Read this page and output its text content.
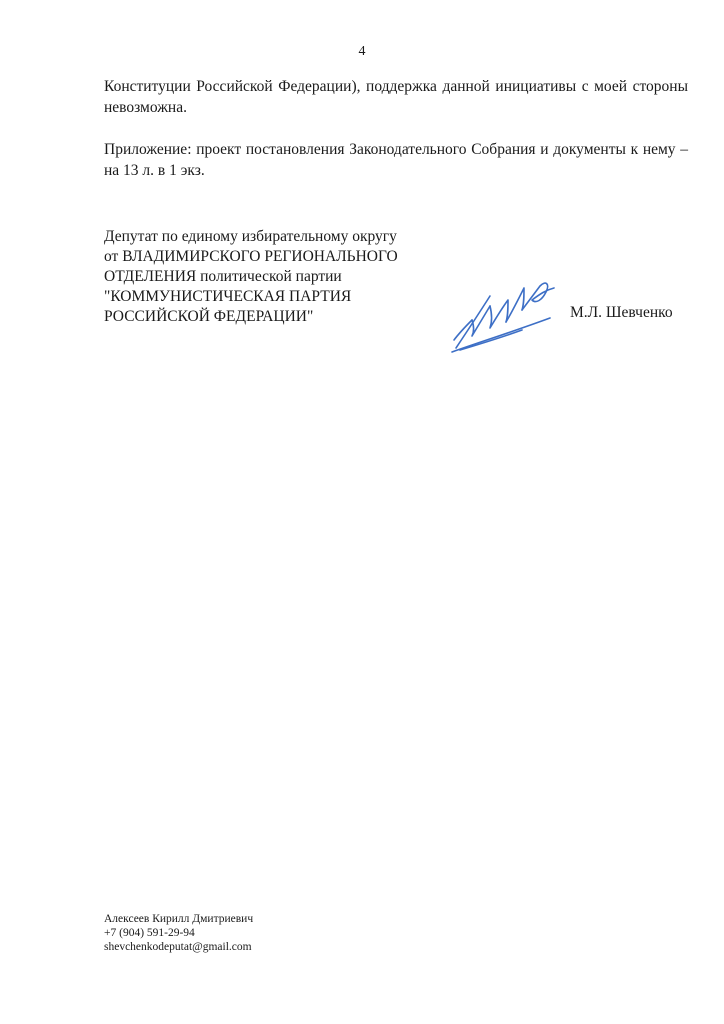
4

Конституции Российской Федерации), поддержка данной инициативы с моей стороны невозможна.

Приложение: проект постановления Законодательного Собрания и документы к нему – на 13 л. в 1 экз.

Депутат по единому избирательному округу
от ВЛАДИМИРСКОГО РЕГИОНАЛЬНОГО
ОТДЕЛЕНИЯ политической партии
"КОММУНИСТИЧЕСКАЯ ПАРТИЯ
РОССИЙСКОЙ ФЕДЕРАЦИИ"	М.Л. Шевченко
Алексеев Кирилл Дмитриевич
+7 (904) 591-29-94
shevchenkodeputat@gmail.com
